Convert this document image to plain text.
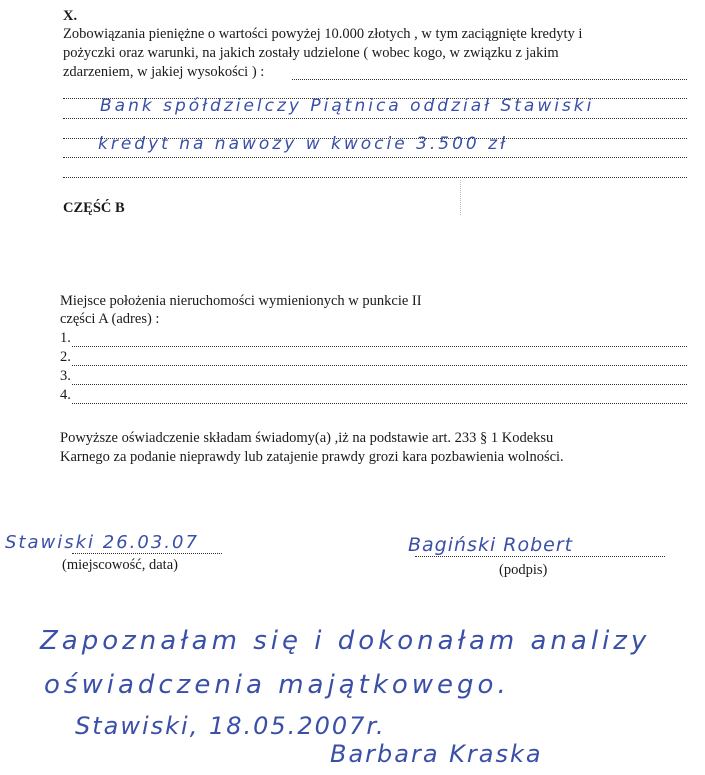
X.
Zobowiązania pieniężne o wartości powyżej 10.000 złotych , w tym zaciągnięte kredyty i
pożyczki oraz warunki, na jakich zostały udzielone ( wobec kogo, w związku z jakim
zdarzeniem, w jakiej wysokości ) :
Bank spółdzielczy Piątnica oddział Stawiski
kredyt na nawozy w kwocie 3.500 zł
CZĘŚĆ B
Miejsce położenia nieruchomości wymienionych w punkcie II
części A (adres) :
1.
2.
3.
4.
Powyższe oświadczenie składam świadomy(a) ,iż na podstawie art. 233 § 1 Kodeksu
Karnego za podanie nieprawdy lub zatajenie prawdy grozi kara pozbawienia wolności.
Stawiski 26.03.07
(miejscowość, data)
Bagiński Robert
(podpis)
Zapoznałam się i dokonałam analizy
oświadczenia majątkowego.
Stawiski, 18.05.2007r.
Barbara Kraska
